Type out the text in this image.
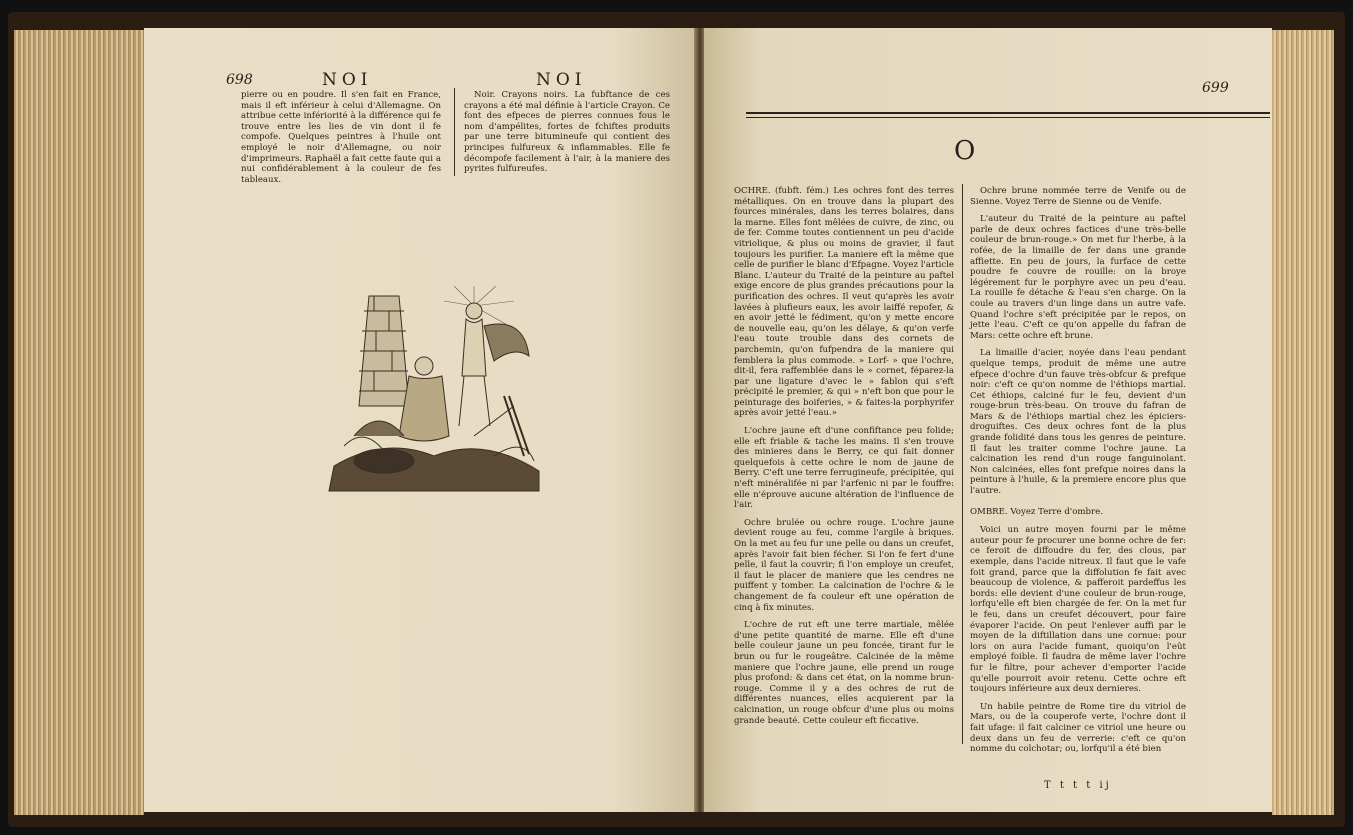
698	NOI	NOI

pierre ou en poudre. Il s'en fait en France, mais il eft inférieur à celui d'Allemagne. On attribue cette infériorité à la différence qui fe trouve entre les lies de vin dont il fe compofe. Quelques peintres à l'huile ont employé le noir d'Allemagne, ou noir d'imprimeurs. Raphaël a fait cette faute qui a nui confidérablement à la couleur de fes tableaux.

Noir. Crayons noirs. La fubftance de ces crayons a été mal définie à l'article Crayon. Ce font des efpeces de pierres connues fous le nom d'ampélites, fortes de fchiftes produits par une terre bitumineufe qui contient des principes fulfureux & inflammables. Elle fe décompofe facilement à l'air, à la maniere des pyrites fulfureufes.

699
O

OCHRE. (fubft. fém.) Les ochres font des terres métalliques. On en trouve dans la plupart des fources minérales, dans les terres bolaires, dans la marne. Elles font mêlées de cuivre, de zinc, ou de fer. Comme toutes contiennent un peu d'acide vitriolique, & plus ou moins de gravier, il faut toujours les purifier. La maniere eft la même que celle de purifier le blanc d'Efpagne. Voyez l'article Blanc. L'auteur du Traité de la peinture au paftel exige encore de plus grandes précautions pour la purification des ochres. Il veut qu'après les avoir lavées à plufieurs eaux, les avoir laiffé repofer, & en avoir jetté le fédiment, qu'on y mette encore de nouvelle eau, qu'on les délaye, & qu'on verfe l'eau toute trouble dans des cornets de parchemin, qu'on fufpendra de la maniere qui femblera la plus commode. » Lorf- » que l'ochre, dit-il, fera raffemblée dans le » cornet, féparez-la par une ligature d'avec le » fablon qui s'eft précipité le premier, & qui » n'eft bon que pour le peinturage des boiferies, » & faites-la porphyrifer après avoir jetté l'eau.»

L'ochre jaune eft d'une confiftance peu folide; elle eft friable & tache les mains. Il s'en trouve des minieres dans le Berry, ce qui fait donner quelquefois à cette ochre le nom de jaune de Berry. C'eft une terre ferrugineufe, précipitée, qui n'eft minéralifée ni par l'arfenic ni par le fouffre: elle n'éprouve aucune altération de l'influence de l'air.

Ochre brulée ou ochre rouge. L'ochre jaune devient rouge au feu, comme l'argile à briques. On la met au feu fur une pelle ou dans un creufet, après l'avoir fait bien fécher. Si l'on fe fert d'une pelle, il faut la couvrir; fi l'on employe un creufet, il faut le placer de maniere que les cendres ne puiffent y tomber. La calcination de l'ochre & le changement de fa couleur eft une opération de cinq à fix minutes.

L'ochre de rut eft une terre martiale, mêlée d'une petite quantité de marne. Elle eft d'une belle couleur jaune un peu foncée, tirant fur le brun ou fur le rougeâtre. Calcinée de la même maniere que l'ochre jaune, elle prend un rouge plus profond: & dans cet état, on la nomme brun-rouge. Comme il y a des ochres de rut de différentes nuances, elles acquierent par la calcination, un rouge obfcur d'une plus ou moins grande beauté. Cette couleur eft ficcative.

Ochre brune nommée terre de Venife ou de Sienne. Voyez Terre de Sienne ou de Venife.

L'auteur du Traité de la peinture au paftel parle de deux ochres factices d'une très-belle couleur de brun-rouge.» On met fur l'herbe, à la rofée, de la limaille de fer dans une grande affiette. En peu de jours, la furface de cette poudre fe couvre de rouille: on la broye légérement fur le porphyre avec un peu d'eau. La rouille fe détache & l'eau s'en charge. On la coule au travers d'un linge dans un autre vafe. Quand l'ochre s'eft précipitée par le repos, on jette l'eau. C'eft ce qu'on appelle du fafran de Mars: cette ochre eft brune.

La limaille d'acier, noyée dans l'eau pendant quelque temps, produit de même une autre efpece d'ochre d'un fauve très-obfcur & prefque noir: c'eft ce qu'on nomme de l'éthiops martial. Cet éthiops, calciné fur le feu, devient d'un rouge-brun très-beau. On trouve du fafran de Mars & de l'éthiops martial chez les épiciers-droguiftes. Ces deux ochres font de la plus grande folidité dans tous les genres de peinture. Il faut les traiter comme l'ochre jaune. La calcination les rend d'un rouge fanguinolant. Non calcinées, elles font prefque noires dans la peinture à l'huile, & la premiere encore plus que l'autre.

OMBRE. Voyez Terre d'ombre.

Voici un autre moyen fourni par le même auteur pour fe procurer une bonne ochre de fer: ce feroit de diffoudre du fer, des clous, par exemple, dans l'acide nitreux. Il faut que le vafe foit grand, parce que la diffolution fe fait avec beaucoup de violence, & pafferoit pardeffus les bords: elle devient d'une couleur de brun-rouge, lorfqu'elle eft bien chargée de fer. On la met fur le feu, dans un creufet découvert, pour faire évaporer l'acide. On peut l'enlever auffi par le moyen de la diftillation dans une cornue: pour lors on aura l'acide fumant, quoiqu'on l'eût employé foible. Il faudra de même laver l'ochre fur le filtre, pour achever d'emporter l'acide qu'elle pourroit avoir retenu. Cette ochre eft toujours inférieure aux deux dernieres.

Un habile peintre de Rome tire du vitriol de Mars, ou de la couperofe verte, l'ochre dont il fait ufage: il fait calciner ce vitriol une heure ou deux dans un feu de verrerie: c'eft ce qu'on nomme du colchotar; ou, lorfqu'il a été bien

T t t t ij
